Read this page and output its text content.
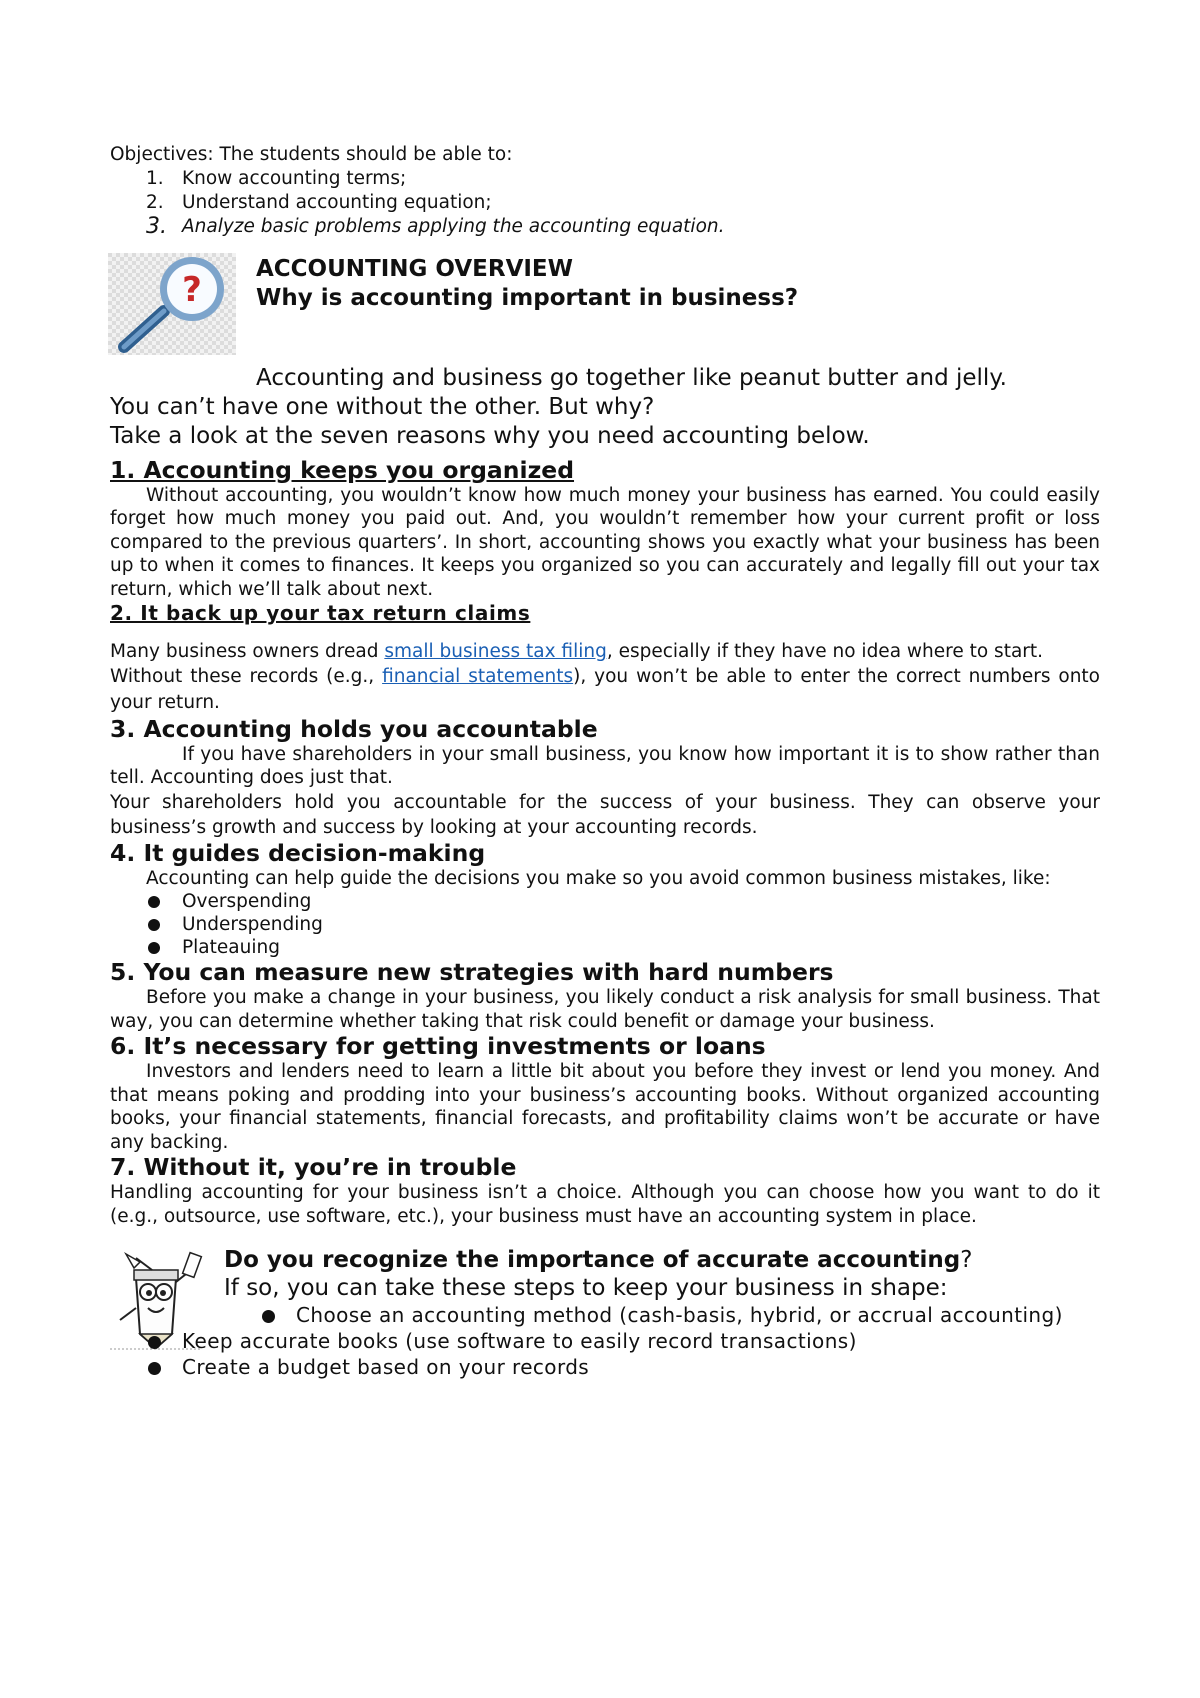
Objectives: The students should be able to:

1. Know accounting terms;
2. Understand accounting equation;
3. Analyze basic problems applying the accounting equation.
?

ACCOUNTING OVERVIEW

Why is accounting important in business?

Accounting and business go together like peanut butter and jelly.

You can’t have one without the other. But why?

Take a look at the seven reasons why you need accounting below.

1. Accounting keeps you organized

Without accounting, you wouldn’t know how much money your business has earned. You could easily forget how much money you paid out. And, you wouldn’t remember how your current profit or loss compared to the previous quarters’. In short, accounting shows you exactly what your business has been up to when it comes to finances. It keeps you organized so you can accurately and legally fill out your tax return, which we’ll talk about next.

2. It back up your tax return claims

Many business owners dread small business tax filing, especially if they have no idea where to start.

Without these records (e.g., financial statements), you won’t be able to enter the correct numbers onto your return.

3. Accounting holds you accountable

If you have shareholders in your small business, you know how important it is to show rather than tell. Accounting does just that.

Your shareholders hold you accountable for the success of your business. They can observe your business’s growth and success by looking at your accounting records.

4. It guides decision-making

Accounting can help guide the decisions you make so you avoid common business mistakes, like:

Overspending
Underspending
Plateauing

5. You can measure new strategies with hard numbers

Before you make a change in your business, you likely conduct a risk analysis for small business. That way, you can determine whether taking that risk could benefit or damage your business.

6. It’s necessary for getting investments or loans

Investors and lenders need to learn a little bit about you before they invest or lend you money. And that means poking and prodding into your business’s accounting books. Without organized accounting books, your financial statements, financial forecasts, and profitability claims won’t be accurate or have any backing.

7. Without it, you’re in trouble

Handling accounting for your business isn’t a choice. Although you can choose how you want to do it (e.g., outsource, use software, etc.), your business must have an accounting system in place.

Do you recognize the importance of accurate accounting?

If so, you can take these steps to keep your business in shape:

Choose an accounting method (cash-basis, hybrid, or accrual accounting)
Keep accurate books (use software to easily record transactions)
Create a budget based on your records
